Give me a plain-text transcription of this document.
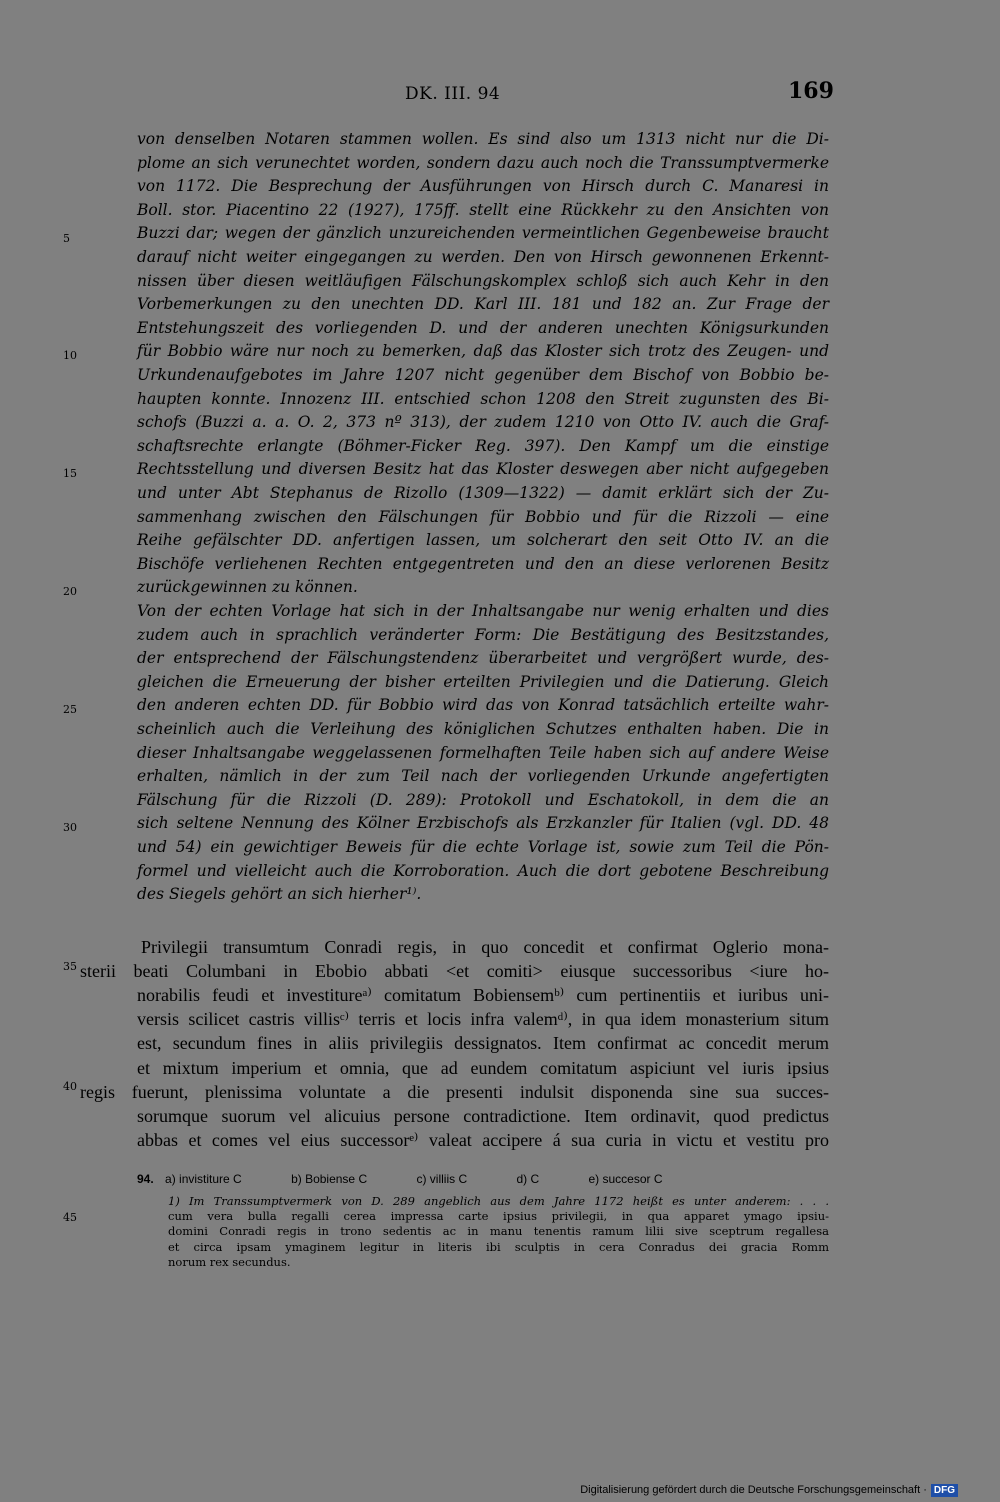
DK. III. 94	169
5
10
15
20
25
30
35
40
45
von denselben Notaren stammen wollen. Es sind also um 1313 nicht nur die Di-
plome an sich verunechtet worden, sondern dazu auch noch die Transsumptvermerke
von 1172. Die Besprechung der Ausführungen von Hirsch durch C. Manaresi in
Boll. stor. Piacentino 22 (1927), 175ff. stellt eine Rückkehr zu den Ansichten von
Buzzi dar; wegen der gänzlich unzureichenden vermeintlichen Gegenbeweise braucht
darauf nicht weiter eingegangen zu werden. Den von Hirsch gewonnenen Erkennt-
nissen über diesen weitläufigen Fälschungskomplex schloß sich auch Kehr in den
Vorbemerkungen zu den unechten DD. Karl III. 181 und 182 an. Zur Frage der
Entstehungszeit des vorliegenden D. und der anderen unechten Königsurkunden
für Bobbio wäre nur noch zu bemerken, daß das Kloster sich trotz des Zeugen- und
Urkundenaufgebotes im Jahre 1207 nicht gegenüber dem Bischof von Bobbio be-
haupten konnte. Innozenz III. entschied schon 1208 den Streit zugunsten des Bi-
schofs (Buzzi a. a. O. 2, 373 nº 313), der zudem 1210 von Otto IV. auch die Graf-
schaftsrechte erlangte (Böhmer-Ficker Reg. 397). Den Kampf um die einstige
Rechtsstellung und diversen Besitz hat das Kloster deswegen aber nicht aufgegeben
und unter Abt Stephanus de Rizollo (1309—1322) — damit erklärt sich der Zu-
sammenhang zwischen den Fälschungen für Bobbio und für die Rizzoli — eine
Reihe gefälschter DD. anfertigen lassen, um solcherart den seit Otto IV. an die
Bischöfe verliehenen Rechten entgegentreten und den an diese verlorenen Besitz
zurückgewinnen zu können.
Von der echten Vorlage hat sich in der Inhaltsangabe nur wenig erhalten und dies
zudem auch in sprachlich veränderter Form: Die Bestätigung des Besitzstandes,
der entsprechend der Fälschungstendenz überarbeitet und vergrößert wurde, des-
gleichen die Erneuerung der bisher erteilten Privilegien und die Datierung. Gleich
den anderen echten DD. für Bobbio wird das von Konrad tatsächlich erteilte wahr-
scheinlich auch die Verleihung des königlichen Schutzes enthalten haben. Die in
dieser Inhaltsangabe weggelassenen formelhaften Teile haben sich auf andere Weise
erhalten, nämlich in der zum Teil nach der vorliegenden Urkunde angefertigten
Fälschung für die Rizzoli (D. 289): Protokoll und Eschatokoll, in dem die an
sich seltene Nennung des Kölner Erzbischofs als Erzkanzler für Italien (vgl. DD. 48
und 54) ein gewichtiger Beweis für die echte Vorlage ist, sowie zum Teil die Pön-
formel und vielleicht auch die Korroboration. Auch die dort gebotene Beschreibung
des Siegels gehört an sich hierher¹⁾.
Privilegii transumtum Conradi regis, in quo concedit et confirmat Oglerio mona-
sterii beati Columbani in Ebobio abbati <et comiti> eiusque successoribus <iure ho-
norabilis feudi et investitureᵃ⁾ comitatum Bobiensemᵇ⁾ cum pertinentiis et iuribus uni-
versis scilicet castris villisᶜ⁾ terris et locis infra valemᵈ⁾, in qua idem monasterium situm
est, secundum fines in aliis privilegiis dessignatos. Item confirmat ac concedit merum
et mixtum imperium et omnia, que ad eundem comitatum aspiciunt vel iuris ipsius
regis fuerunt, plenissima voluntate a die presenti indulsit disponenda sine sua succes-
sorumque suorum vel alicuius persone contradictione. Item ordinavit, quod predictus
abbas et comes vel eius successorᵉ⁾ valeat accipere á sua curia in victu et vestitu pro
94. a) invistiture C	b) Bobiense C	c) villiis C	d) C	e) succesor C
1) Im Transsumptvermerk von D. 289 angeblich aus dem Jahre 1172 heißt es unter anderem: . . .
cum vera bulla regalli cerea impressa carte ipsius privilegii, in qua apparet ymago ipsiu-
domini Conradi regis in trono sedentis ac in manu tenentis ramum lilii sive sceptrum regallesa
et circa ipsam ymaginem legitur in literis ibi sculptis in cera Conradus dei gracia Romm
norum rex secundus.
Digitalisierung gefördert durch die Deutsche Forschungsgemeinschaft · DFG
